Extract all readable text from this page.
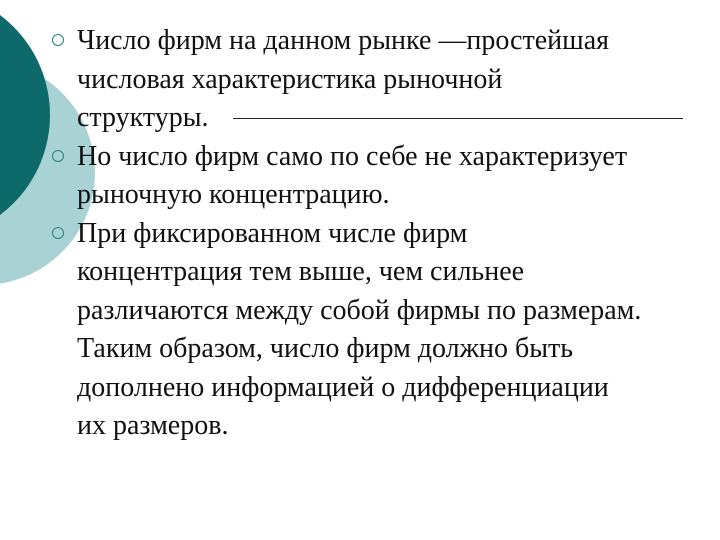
Число фирм на данном рынке —простейшая
числовая характеристика рыночной
структуры.
Но число фирм само по себе не характеризует
рыночную концентрацию.
При фиксированном числе фирм
концентрация тем выше, чем сильнее
различаются между собой фирмы по размерам.
Таким образом, число фирм должно быть
дополнено информацией о дифференциации
их размеров.
